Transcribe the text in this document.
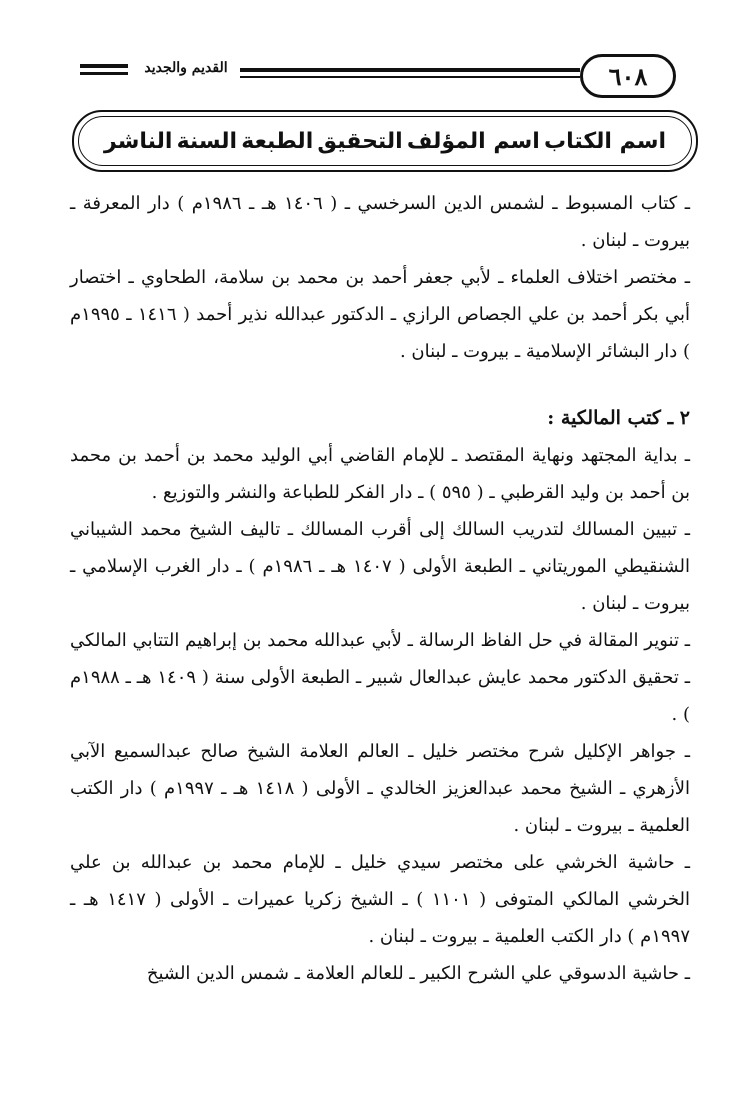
القديم والجديد	٦٠٨
اسم الكتاب
اسم المؤلف
التحقيق
الطبعة
السنة
الناشر

ـ كتاب المسبوط ـ لشمس الدين السرخسي ـ ( ١٤٠٦ هـ ـ ١٩٨٦م ) دار المعرفة ـ بيروت ـ لبنان .

ـ مختصر اختلاف العلماء ـ لأبي جعفر أحمد بن محمد بن سلامة، الطحاوي ـ اختصار أبي بكر أحمد بن علي الجصاص الرازي ـ الدكتور عبدالله نذير أحمد ( ١٤١٦ ـ ١٩٩٥م ) دار البشائر الإسلامية ـ بيروت ـ لبنان .

٢ ـ كتب المالكية :

ـ بداية المجتهد ونهاية المقتصد ـ للإمام القاضي أبي الوليد محمد بن أحمد بن محمد بن أحمد بن وليد القرطبي ـ ( ٥٩٥ ) ـ دار الفكر للطباعة والنشر والتوزيع .

ـ تبيين المسالك لتدريب السالك إلى أقرب المسالك ـ تاليف الشيخ محمد الشيباني الشنقيطي الموريتاني ـ الطبعة الأولى ( ١٤٠٧ هـ ـ ١٩٨٦م ) ـ دار الغرب الإسلامي ـ بيروت ـ لبنان .

ـ تنوير المقالة في حل الفاظ الرسالة ـ لأبي عبدالله محمد بن إبراهيم التتابي المالكي ـ تحقيق الدكتور محمد عايش عبدالعال شبير ـ الطبعة الأولى سنة ( ١٤٠٩ هـ ـ ١٩٨٨م ) .

ـ جواهر الإكليل شرح مختصر خليل ـ العالم العلامة الشيخ صالح عبدالسميع الآبي الأزهري ـ الشيخ محمد عبدالعزيز الخالدي ـ الأولى ( ١٤١٨ هـ ـ ١٩٩٧م ) دار الكتب العلمية ـ بيروت ـ لبنان .

ـ حاشية الخرشي على مختصر سيدي خليل ـ للإمام محمد بن عبدالله بن علي الخرشي المالكي المتوفى ( ١١٠١ ) ـ الشيخ زكريا عميرات ـ الأولى ( ١٤١٧ هـ ـ ١٩٩٧م ) دار الكتب العلمية ـ بيروت ـ لبنان .

ـ حاشية الدسوقي علي الشرح الكبير ـ للعالم العلامة ـ شمس الدين الشيخ
